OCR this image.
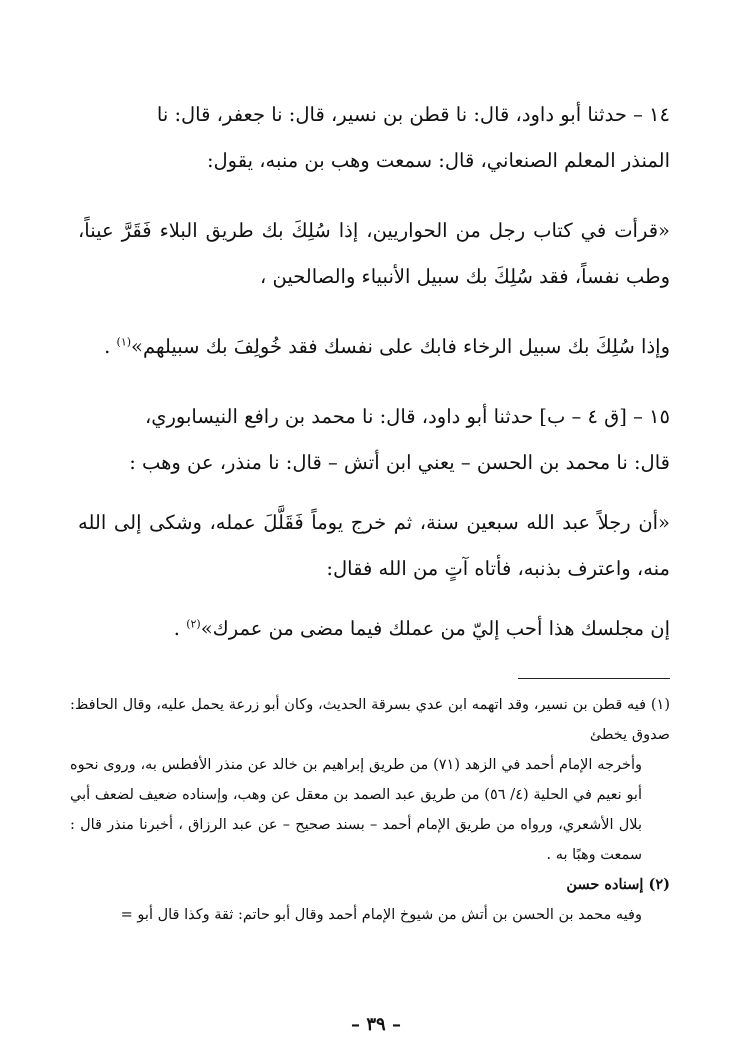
١٤ – حدثنا أبو داود، قال: نا قطن بن نسير، قال: نا جعفر، قال: نا

المنذر المعلم الصنعاني، قال: سمعت وهب بن منبه، يقول:

«قرأت في كتاب رجل من الحواريين، إذا سُلِكَ بك طريق البلاء فَقَرَّ عيناً، وطب نفساً، فقد سُلِكَ بك سبيل الأنبياء والصالحين ،

وإذا سُلِكَ بك سبيل الرخاء فابك على نفسك فقد خُولِفَ بك سبيلهم»$^{(١)}$ .

١٥ – [ق ٤ – ب] حدثنا أبو داود، قال: نا محمد بن رافع النيسابوري،

قال: نا محمد بن الحسن – يعني ابن أتش – قال: نا منذر، عن وهب :

«أن رجلاً عبد الله سبعين سنة، ثم خرج يوماً فَقَلَّلَ عمله، وشكى إلى الله منه، واعترف بذنبه، فأتاه آتٍ من الله فقال:

إن مجلسك هذا أحب إليّ من عملك فيما مضى من عمرك»$^{(٢)}$ .

(١) فيه قطن بن نسير، وقد اتهمه ابن عدي بسرقة الحديث، وكان أبو زرعة يحمل عليه، وقال الحافظ: صدوق يخطئ

وأخرجه الإمام أحمد في الزهد (٧١) من طريق إبراهيم بن خالد عن منذر الأفطس به، وروى نحوه أبو نعيم في الحلية (٤/ ٥٦) من طريق عبد الصمد بن معقل عن وهب، وإسناده ضعيف لضعف أبي بلال الأشعري، ورواه من طريق الإمام أحمد – بسند صحيح – عن عبد الرزاق ، أخبرنا منذر قال : سمعت وهبًا به .

(٢) إسناده حسن

وفيه محمد بن الحسن بن أتش من شيوخ الإمام أحمد وقال أبو حاتم: ثقة وكذا قال أبو =

– ٣٩ –
